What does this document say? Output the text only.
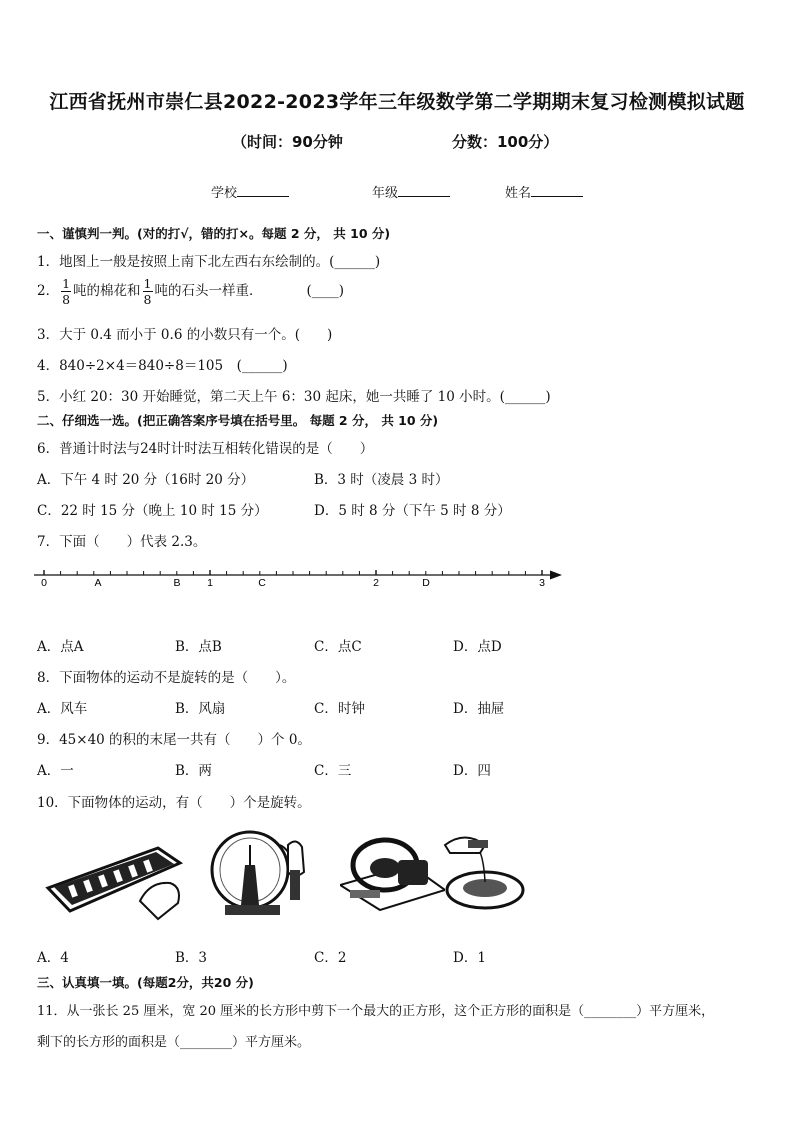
江西省抚州市崇仁县2022-2023学年三年级数学第二学期期末复习检测模拟试题
（时间：90分钟	分数：100分）
学校	年级	姓名
一、谨慎判一判。(对的打√，错的打×。每题 2 分， 共 10 分)
1．地图上一般是按照上南下北左西右东绘制的。(______)
2． $\frac{1}{8}$ 吨的棉花和 $\frac{1}{8}$ 吨的石头一样重．	(____)
3．大于 0.4 而小于 0.6 的小数只有一个。(　　)
4．840÷2×4＝840÷8＝105　(______)
5．小红 20：30 开始睡觉，第二天上午 6：30 起床，她一共睡了 10 小时。(______)
二、仔细选一选。(把正确答案序号填在括号里。 每题 2 分， 共 10 分)
6．普通计时法与24时计时法互相转化错误的是（　　）
A．下午 4 时 20 分（16时 20 分）	B．3 时（凌晨 3 时）
C．22 时 15 分（晚上 10 时 15 分）	D．5 时 8 分（下午 5 时 8 分）
7．下面（　　）代表 2.3。
0	A	B	1	C	2	D	3
A．点A	B．点B	C．点C	D．点D
8．下面物体的运动不是旋转的是（　　）。
A．风车	B．风扇	C．时钟	D．抽屉
9．45×40 的积的末尾一共有（　　）个 0。
A．一	B．两	C．三	D．四
10．下面物体的运动，有（　　）个是旋转。
A．4	B．3	C．2	D．1
三、认真填一填。(每题2分，共20 分)
11．从一张长 25 厘米，宽 20 厘米的长方形中剪下一个最大的正方形，这个正方形的面积是（________）平方厘米，
剩下的长方形的面积是（________）平方厘米。
